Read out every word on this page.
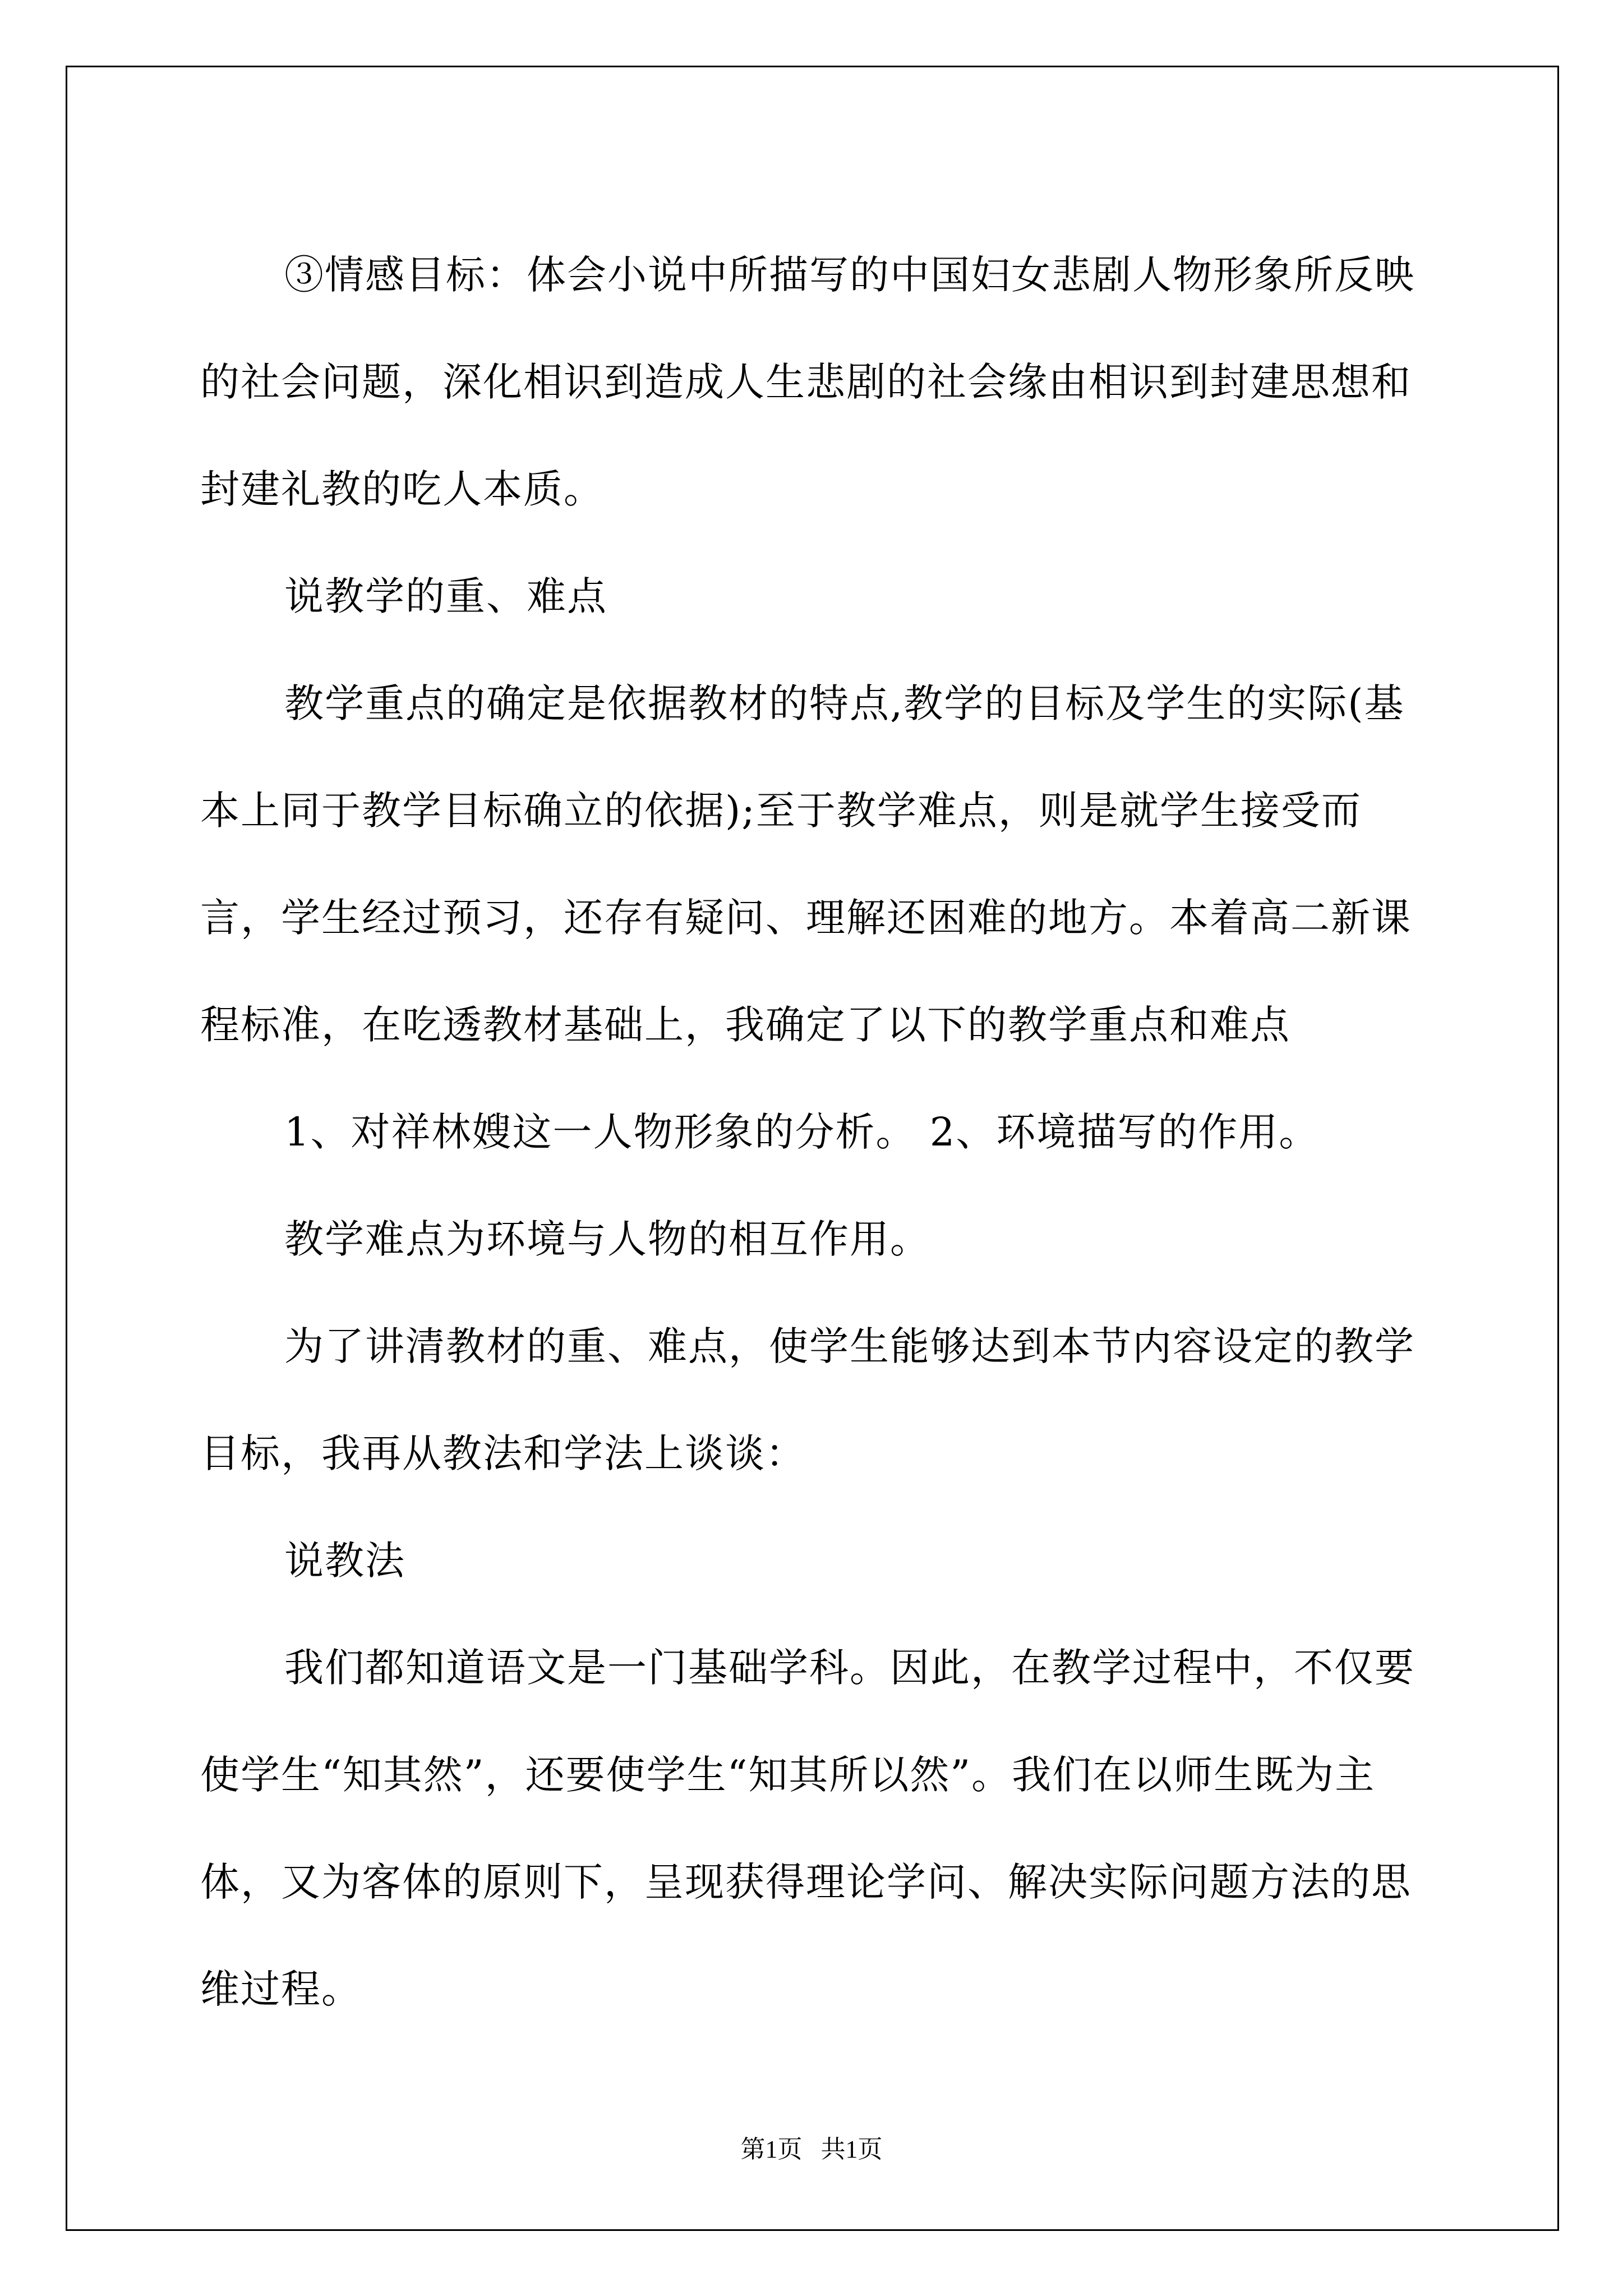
③情感目标：体会小说中所描写的中国妇女悲剧人物形象所反映的社会问题，深化相识到造成人生悲剧的社会缘由相识到封建思想和封建礼教的吃人本质。

说教学的重、难点

教学重点的确定是依据教材的特点,教学的目标及学生的实际(基本上同于教学目标确立的依据);至于教学难点，则是就学生接受而言，学生经过预习，还存有疑问、理解还困难的地方。本着高二新课程标准，在吃透教材基础上，我确定了以下的教学重点和难点

1、对祥林嫂这一人物形象的分析。 2、环境描写的作用。

教学难点为环境与人物的相互作用。

为了讲清教材的重、难点，使学生能够达到本节内容设定的教学目标，我再从教法和学法上谈谈：

说教法

我们都知道语文是一门基础学科。因此，在教学过程中，不仅要使学生“知其然”，还要使学生“知其所以然”。我们在以师生既为主体，又为客体的原则下，呈现获得理论学问、解决实际问题方法的思维过程。

第1页   共1页
